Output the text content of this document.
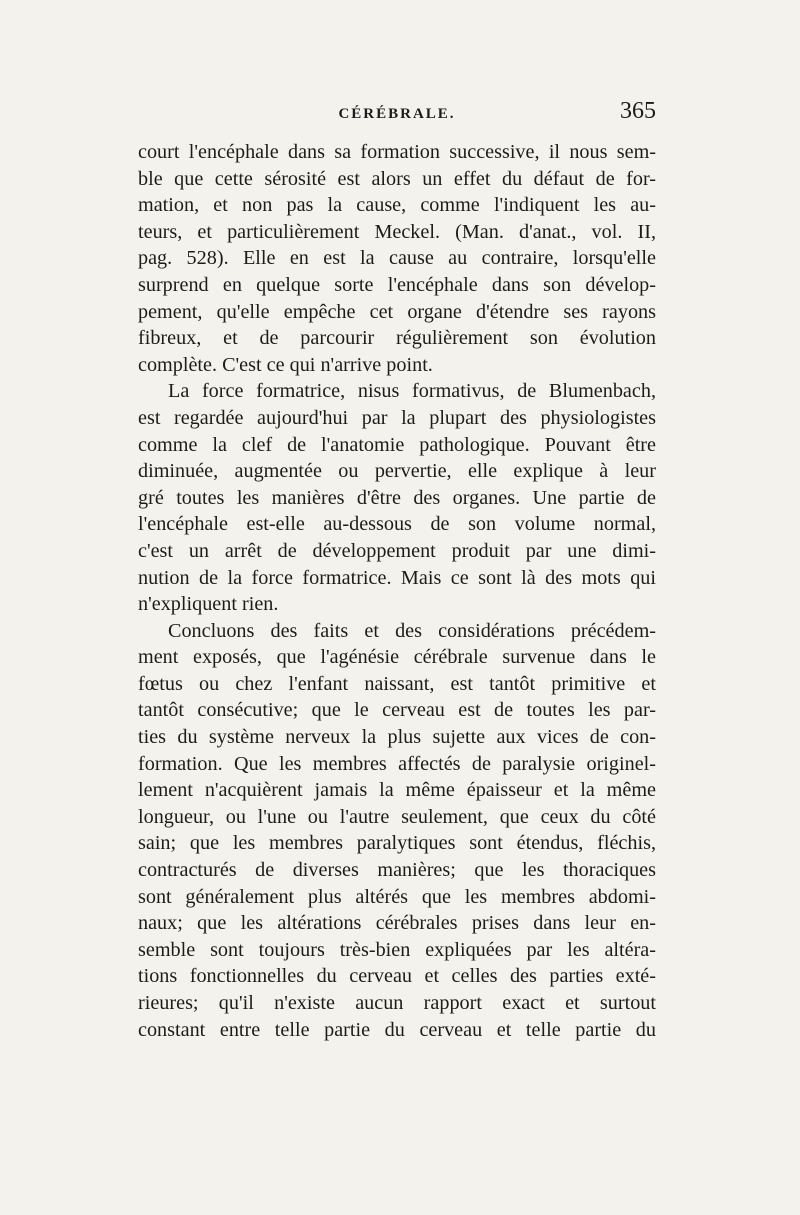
CÉRÉBRALE.	365
court l'encéphale dans sa formation successive, il nous sem-
ble que cette sérosité est alors un effet du défaut de for-
mation, et non pas la cause, comme l'indiquent les au-
teurs, et particulièrement Meckel. (Man. d'anat., vol. II,
pag. 528). Elle en est la cause au contraire, lorsqu'elle
surprend en quelque sorte l'encéphale dans son dévelop-
pement, qu'elle empêche cet organe d'étendre ses rayons
fibreux, et de parcourir régulièrement son évolution
complète. C'est ce qui n'arrive point.
La force formatrice, nisus formativus, de Blumenbach,
est regardée aujourd'hui par la plupart des physiologistes
comme la clef de l'anatomie pathologique. Pouvant être
diminuée, augmentée ou pervertie, elle explique à leur
gré toutes les manières d'être des organes. Une partie de
l'encéphale est-elle au-dessous de son volume normal,
c'est un arrêt de développement produit par une dimi-
nution de la force formatrice. Mais ce sont là des mots qui
n'expliquent rien.
Concluons des faits et des considérations précédem-
ment exposés, que l'agénésie cérébrale survenue dans le
fœtus ou chez l'enfant naissant, est tantôt primitive et
tantôt consécutive; que le cerveau est de toutes les par-
ties du système nerveux la plus sujette aux vices de con-
formation. Que les membres affectés de paralysie originel-
lement n'acquièrent jamais la même épaisseur et la même
longueur, ou l'une ou l'autre seulement, que ceux du côté
sain; que les membres paralytiques sont étendus, fléchis,
contracturés de diverses manières; que les thoraciques
sont généralement plus altérés que les membres abdomi-
naux; que les altérations cérébrales prises dans leur en-
semble sont toujours très-bien expliquées par les altéra-
tions fonctionnelles du cerveau et celles des parties exté-
rieures; qu'il n'existe aucun rapport exact et surtout
constant entre telle partie du cerveau et telle partie du
